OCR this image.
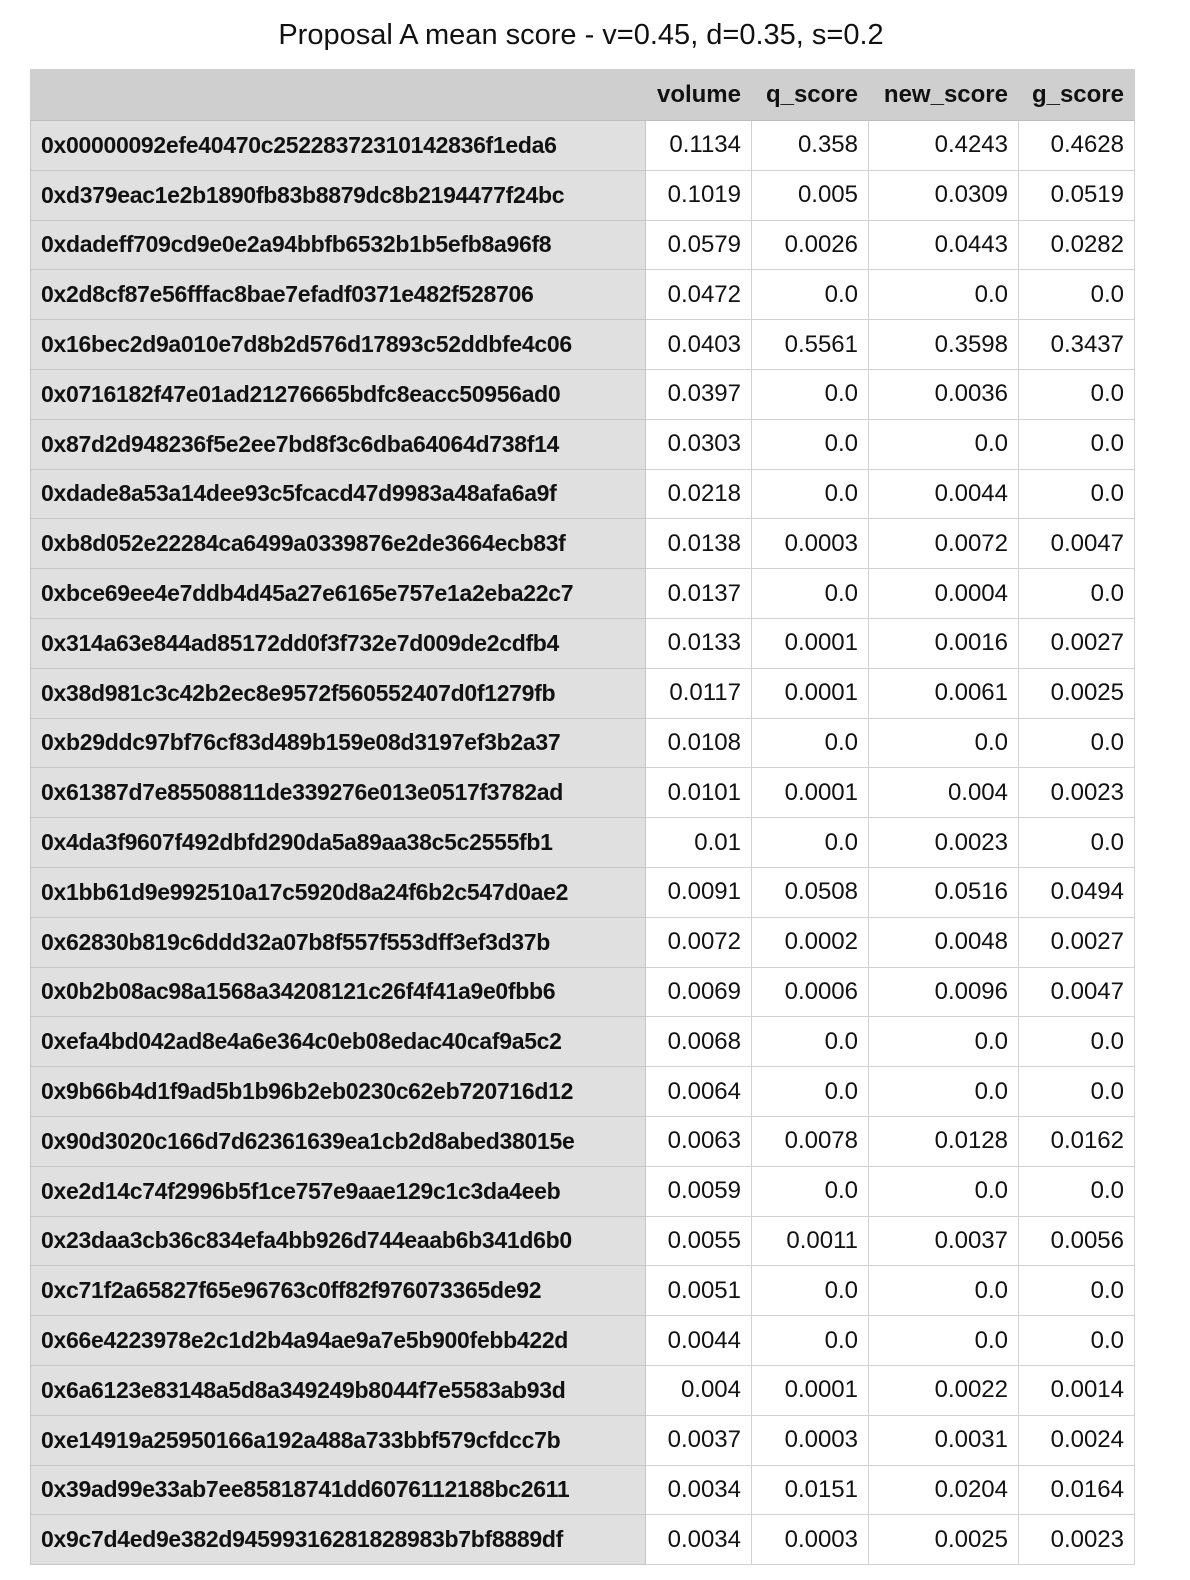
Proposal A mean score - v=0.45, d=0.35, s=0.2
	volume	q_score	new_score	g_score
0x00000092efe40470c25228372310142836f1eda6	0.1134	0.358	0.4243	0.4628
0xd379eac1e2b1890fb83b8879dc8b2194477f24bc	0.1019	0.005	0.0309	0.0519
0xdadeff709cd9e0e2a94bbfb6532b1b5efb8a96f8	0.0579	0.0026	0.0443	0.0282
0x2d8cf87e56fffac8bae7efadf0371e482f528706	0.0472	0.0	0.0	0.0
0x16bec2d9a010e7d8b2d576d17893c52ddbfe4c06	0.0403	0.5561	0.3598	0.3437
0x0716182f47e01ad21276665bdfc8eacc50956ad0	0.0397	0.0	0.0036	0.0
0x87d2d948236f5e2ee7bd8f3c6dba64064d738f14	0.0303	0.0	0.0	0.0
0xdade8a53a14dee93c5fcacd47d9983a48afa6a9f	0.0218	0.0	0.0044	0.0
0xb8d052e22284ca6499a0339876e2de3664ecb83f	0.0138	0.0003	0.0072	0.0047
0xbce69ee4e7ddb4d45a27e6165e757e1a2eba22c7	0.0137	0.0	0.0004	0.0
0x314a63e844ad85172dd0f3f732e7d009de2cdfb4	0.0133	0.0001	0.0016	0.0027
0x38d981c3c42b2ec8e9572f560552407d0f1279fb	0.0117	0.0001	0.0061	0.0025
0xb29ddc97bf76cf83d489b159e08d3197ef3b2a37	0.0108	0.0	0.0	0.0
0x61387d7e85508811de339276e013e0517f3782ad	0.0101	0.0001	0.004	0.0023
0x4da3f9607f492dbfd290da5a89aa38c5c2555fb1	0.01	0.0	0.0023	0.0
0x1bb61d9e992510a17c5920d8a24f6b2c547d0ae2	0.0091	0.0508	0.0516	0.0494
0x62830b819c6ddd32a07b8f557f553dff3ef3d37b	0.0072	0.0002	0.0048	0.0027
0x0b2b08ac98a1568a34208121c26f4f41a9e0fbb6	0.0069	0.0006	0.0096	0.0047
0xefa4bd042ad8e4a6e364c0eb08edac40caf9a5c2	0.0068	0.0	0.0	0.0
0x9b66b4d1f9ad5b1b96b2eb0230c62eb720716d12	0.0064	0.0	0.0	0.0
0x90d3020c166d7d62361639ea1cb2d8abed38015e	0.0063	0.0078	0.0128	0.0162
0xe2d14c74f2996b5f1ce757e9aae129c1c3da4eeb	0.0059	0.0	0.0	0.0
0x23daa3cb36c834efa4bb926d744eaab6b341d6b0	0.0055	0.0011	0.0037	0.0056
0xc71f2a65827f65e96763c0ff82f976073365de92	0.0051	0.0	0.0	0.0
0x66e4223978e2c1d2b4a94ae9a7e5b900febb422d	0.0044	0.0	0.0	0.0
0x6a6123e83148a5d8a349249b8044f7e5583ab93d	0.004	0.0001	0.0022	0.0014
0xe14919a25950166a192a488a733bbf579cfdcc7b	0.0037	0.0003	0.0031	0.0024
0x39ad99e33ab7ee85818741dd6076112188bc2611	0.0034	0.0151	0.0204	0.0164
0x9c7d4ed9e382d94599316281828983b7bf8889df	0.0034	0.0003	0.0025	0.0023
